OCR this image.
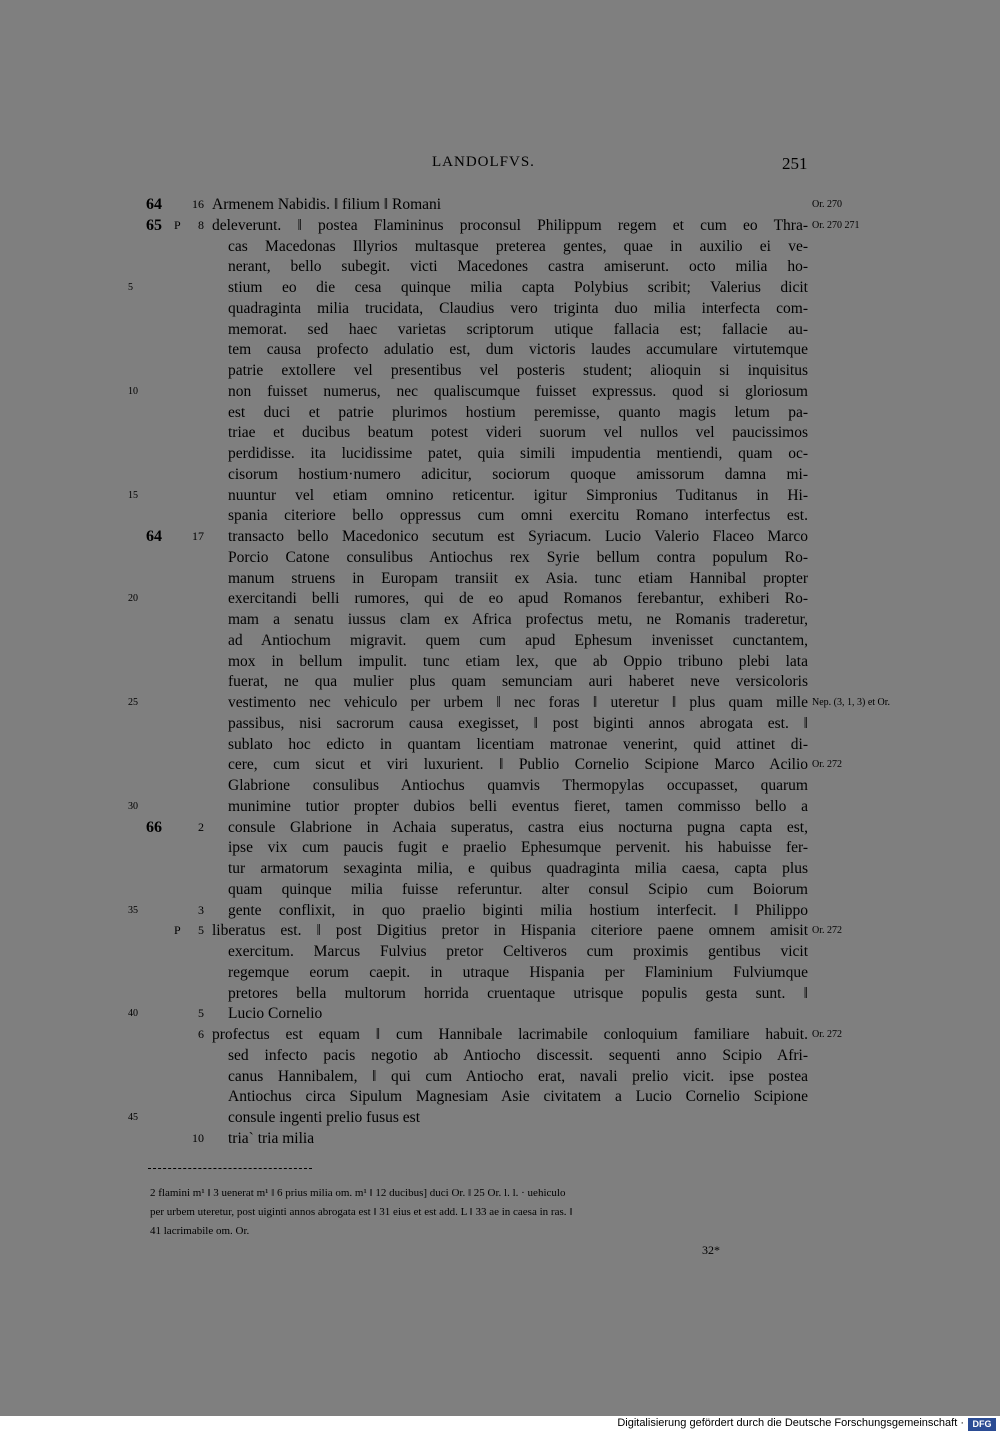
LANDOLFVS.	251
64	16 Armenem Nabidis. ‖ filium ‖ Romani	Or. 270
65 P	8 deleverunt. ‖ postea Flamininus proconsul Philippum regem et cum eo Thra- Or. 270 271
cas Macedonas Illyrios multasque preterea gentes, quae in auxilio ei ve-
nerant, bello subegit. victi Macedones castra amiserunt. octo milia ho-
5	stium eo die cesa quinque milia capta Polybius scribit; Valerius dicit
quadraginta milia trucidata, Claudius vero triginta duo milia interfecta com-
memorat. sed haec varietas scriptorum utique fallacia est; fallacie au-
tem causa profecto adulatio est, dum victoris laudes accumulare virtutemque
patrie extollere vel presentibus vel posteris student; alioquin si inquisitus
10	non fuisset numerus, nec qualiscumque fuisset expressus. quod si gloriosum
est duci et patrie plurimos hostium peremisse, quanto magis letum pa-
triae et ducibus beatum potest videri suorum vel nullos vel paucissimos
perdidisse. ita lucidissime patet, quia simili impudentia mentiendi, quam oc-
cisorum hostium·numero adicitur, sociorum quoque amissorum damna mi-
15	nuuntur vel etiam omnino reticentur. igitur Simpronius Tuditanus in Hi-
spania citeriore bello oppressus cum omni exercitu Romano interfectus est.
64	17 transacto bello Macedonico secutum est Syriacum. Lucio Valerio Flaceo Marco
Porcio Catone consulibus Antiochus rex Syrie bellum contra populum Ro-
manum struens in Europam transiit ex Asia. tunc etiam Hannibal propter
20	exercitandi belli rumores, qui de eo apud Romanos ferebantur, exhiberi Ro-
mam a senatu iussus clam ex Africa profectus metu, ne Romanis traderetur,
ad Antiochum migravit. quem cum apud Ephesum invenisset cunctantem,
mox in bellum impulit. tunc etiam lex, que ab Oppio tribuno plebi lata
fuerat, ne qua mulier plus quam semunciam auri haberet neve versicoloris
25	vestimento nec vehiculo per urbem ‖ nec foras ‖ uteretur ‖ plus quam mille Nep. (3, 1, 3) et Or.
passibus, nisi sacrorum causa exegisset, ‖ post biginti annos abrogata est. ‖
sublato hoc edicto in quantam licentiam matronae venerint, quid attinet di-
cere, cum sicut et viri luxurient. ‖ Publio Cornelio Scipione Marco Acilio Or. 272
Glabrione consulibus Antiochus quamvis Thermopylas occupasset, quarum
30	munimine tutior propter dubios belli eventus fieret, tamen commisso bello a
66	2 consule Glabrione in Achaia superatus, castra eius nocturna pugna capta est,
ipse vix cum paucis fugit e praelio Ephesumque pervenit. his habuisse fer-
tur armatorum sexaginta milia, e quibus quadraginta milia caesa, capta plus
quam quinque milia fuisse referuntur. alter consul Scipio cum Boiorum
3
35	gente conflixit, in quo praelio biginti milia hostium interfecit. ‖ Philippo
P	5 liberatus est. ‖ post Digitius pretor in Hispania citeriore paene omnem amisit Or. 272
exercitum. Marcus Fulvius pretor Celtiveros cum proximis gentibus vicit
regemque eorum caepit. in utraque Hispania per Flaminium Fulviumque
pretores bella multorum horrida cruentaque utrisque populis gesta sunt. ‖
5
40	Lucio Cornelio
6 profectus est equam ‖ cum Hannibale lacrimabile conloquium familiare habuit. Or. 272
sed infecto pacis negotio ab Antiocho discessit. sequenti anno Scipio Afri-
canus Hannibalem, ‖ qui cum Antiocho erat, navali prelio vicit. ipse postea
Antiochus circa Sipulum Magnesiam Asie civitatem a Lucio Cornelio Scipione
45	consule ingenti prelio fusus est
10 tria` tria milia
2 flamini m¹ ‖ 3 uenerat m¹ ‖ 6 prius milia om. m¹ ‖ 12 ducibus] duci Or. ‖ 25 Or. l. l. · uehiculo
per urbem uteretur, post uiginti annos abrogata est ‖ 31 eius et est add. L ‖ 33 ae in caesa in ras. ‖
41 lacrimabile om. Or.
32*
Digitalisierung gefördert durch die Deutsche Forschungsgemeinschaft · DFG
